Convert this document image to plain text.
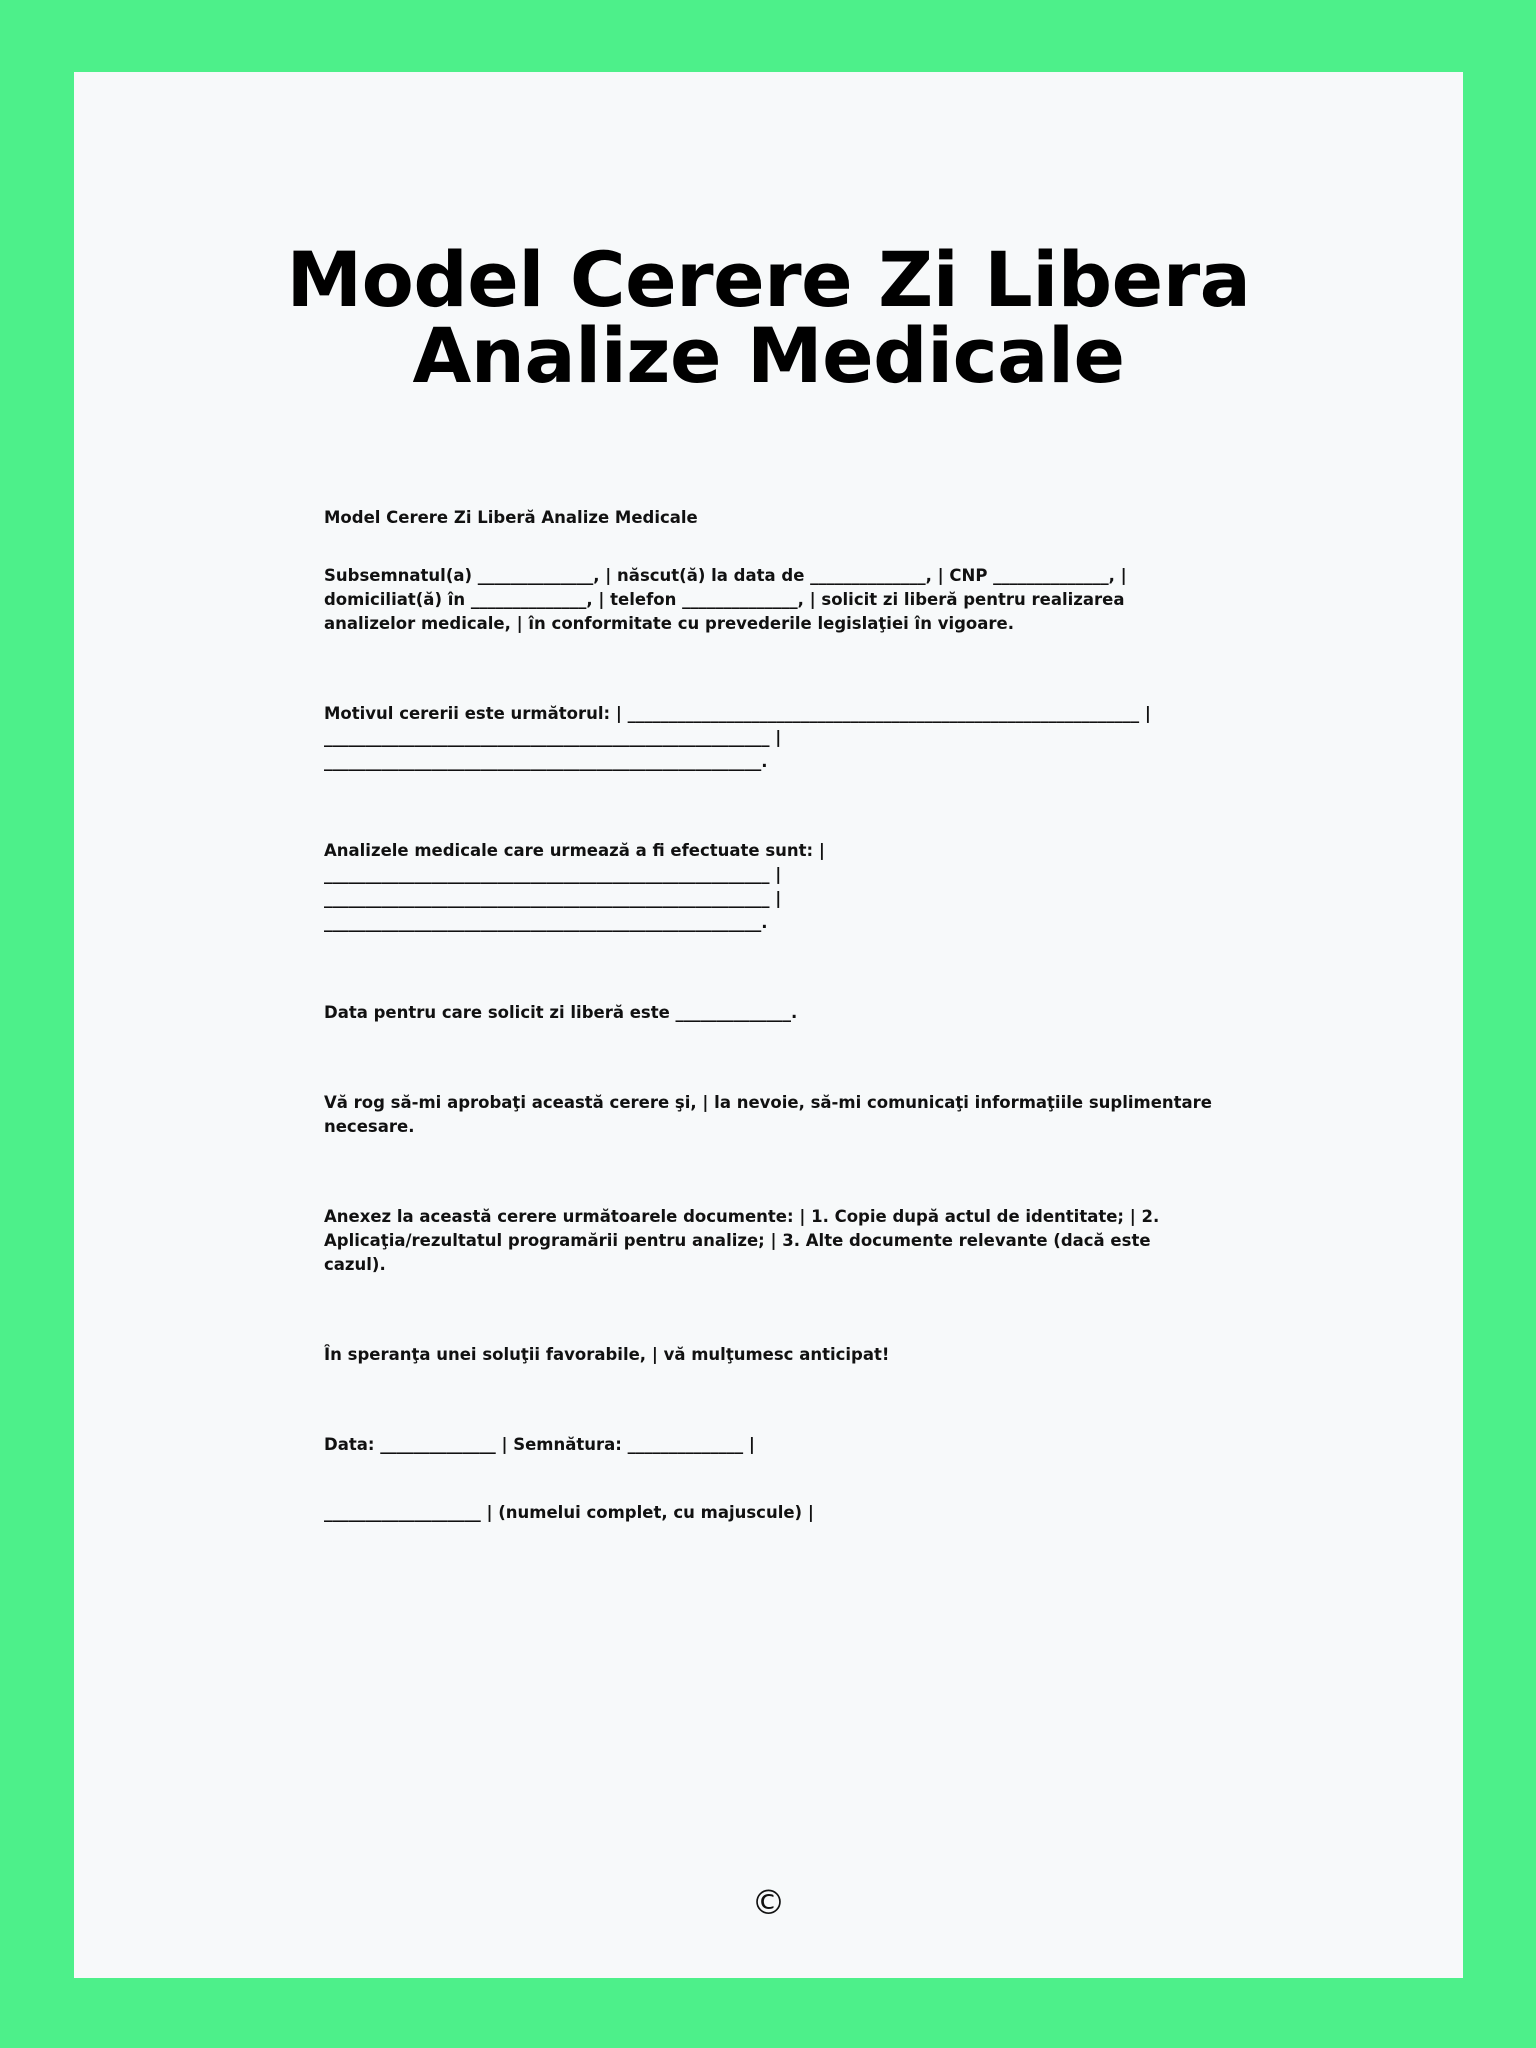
Model Cerere Zi Libera Analize Medicale

Model Cerere Zi Liberă Analize Medicale

Subsemnatul(a) ______________, | născut(ă) la data de ______________, | CNP ______________, | domiciliat(ă) în ______________, | telefon ______________, | solicit zi liberă pentru realizarea analizelor medicale, | în conformitate cu prevederile legislaţiei în vigoare.

Motivul cererii este următorul: | ______________________________________________________________ | ______________________________________________________ | _____________________________________________________.

Analizele medicale care urmează a fi efectuate sunt: | ______________________________________________________ | ______________________________________________________ | _____________________________________________________.

Data pentru care solicit zi liberă este ______________.

Vă rog să-mi aprobaţi această cerere şi, | la nevoie, să-mi comunicaţi informaţiile suplimentare necesare.

Anexez la această cerere următoarele documente: | 1. Copie după actul de identitate; | 2. Aplicaţia/rezultatul programării pentru analize; | 3. Alte documente relevante (dacă este cazul).

În speranţa unei soluţii favorabile, | vă mulţumesc anticipat!

Data: ______________ | Semnătura: ______________ |

___________________ | (numelui complet, cu majuscule) |

©
